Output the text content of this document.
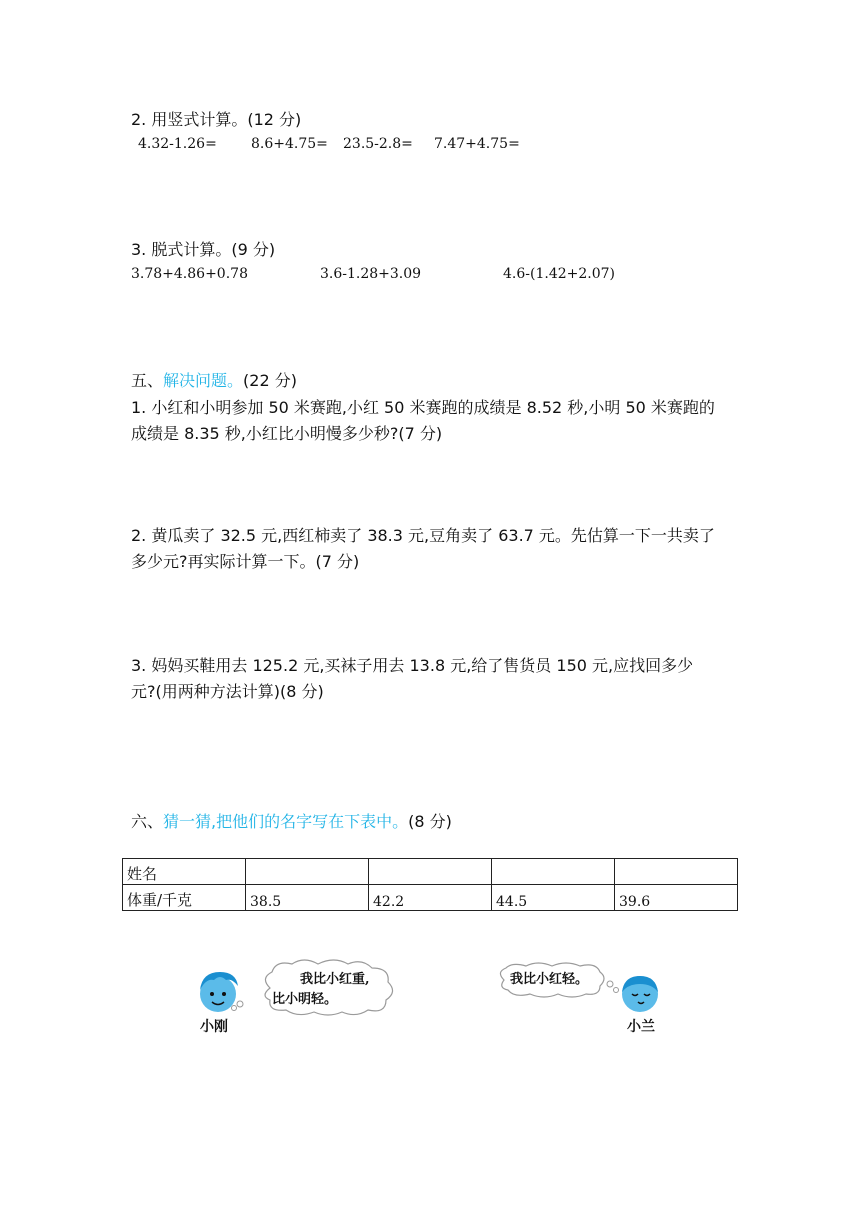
2. 用竖式计算。(12 分)
4.32-1.26= 8.6+4.75= 23.5-2.8= 7.47+4.75=
3. 脱式计算。(9 分)
3.78+4.86+0.78	3.6-1.28+3.09	4.6-(1.42+2.07)
五、解决问题。(22 分)
1. 小红和小明参加 50 米赛跑,小红 50 米赛跑的成绩是 8.52 秒,小明 50 米赛跑的
成绩是 8.35 秒,小红比小明慢多少秒?(7 分)
2. 黄瓜卖了 32.5 元,西红柿卖了 38.3 元,豆角卖了 63.7 元。先估算一下一共卖了
多少元?再实际计算一下。(7 分)
3. 妈妈买鞋用去 125.2 元,买袜子用去 13.8 元,给了售货员 150 元,应找回多少
元?(用两种方法计算)(8 分)
六、猜一猜,把他们的名字写在下表中。(8 分)
姓名				
体重/千克	38.5	42.2	44.5	39.6
小刚
我比小红重,
比小明轻。
我比小红轻。
小兰
